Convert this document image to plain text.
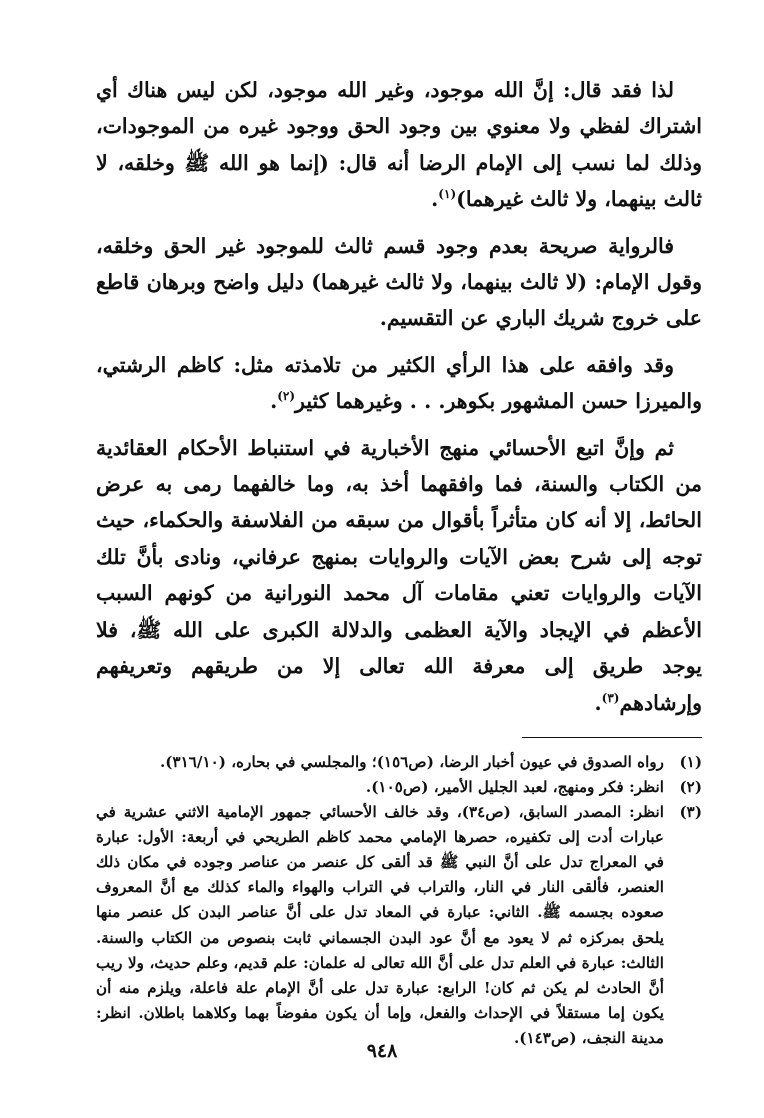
لذا فقد قال: إنَّ الله موجود، وغير الله موجود، لكن ليس هناك أي اشتراك لفظي ولا معنوي بين وجود الحق ووجود غيره من الموجودات، وذلك لما نسب إلى الإمام الرضا أنه قال: (إنما هو الله ﷺ وخلقه، لا ثالث بينهما، ولا ثالث غيرهما)$^{(١)}$.

فالرواية صريحة بعدم وجود قسم ثالث للموجود غير الحق وخلقه، وقول الإمام: (لا ثالث بينهما، ولا ثالث غيرهما) دليل واضح وبرهان قاطع على خروج شريك الباري عن التقسيم.

وقد وافقه على هذا الرأي الكثير من تلامذته مثل: كاظم الرشتي، والميرزا حسن المشهور بكوهر. . . وغيرهما كثير$^{(٢)}$.

ثم وإنَّ اتبع الأحسائي منهج الأخبارية في استنباط الأحكام العقائدية من الكتاب والسنة، فما وافقهما أخذ به، وما خالفهما رمى به عرض الحائط، إلا أنه كان متأثراً بأقوال من سبقه من الفلاسفة والحكماء، حيث توجه إلى شرح بعض الآيات والروايات بمنهج عرفاني، ونادى بأنَّ تلك الآيات والروايات تعني مقامات آل محمد النورانية من كونهم السبب الأعظم في الإيجاد والآية العظمى والدلالة الكبرى على الله ﷺ، فلا يوجد طريق إلى معرفة الله تعالى إلا من طريقهم وتعريفهم وإرشادهم$^{(٣)}$.

(١)
رواه الصدوق في عيون أخبار الرضا، (ص١٥٦)؛ والمجلسي في بحاره، (٣١٦/١٠).
(٢)
انظر: فكر ومنهج، لعبد الجليل الأمير، (ص١٠٥).
(٣)
انظر: المصدر السابق، (ص٣٤)، وقد خالف الأحسائي جمهور الإمامية الاثني عشرية في عبارات أدت إلى تكفيره، حصرها الإمامي محمد كاظم الطريحي في أربعة: الأول: عبارة في المعراج تدل على أنَّ النبي ﷺ قد ألقى كل عنصر من عناصر وجوده في مكان ذلك العنصر، فألقى النار في النار، والتراب في التراب والهواء والماء كذلك مع أنَّ المعروف صعوده بجسمه ﷺ. الثاني: عبارة في المعاد تدل على أنَّ عناصر البدن كل عنصر منها يلحق بمركزه ثم لا يعود مع أنَّ عود البدن الجسماني ثابت بنصوص من الكتاب والسنة. الثالث: عبارة في العلم تدل على أنَّ الله تعالى له علمان: علم قديم، وعلم حديث، ولا ريب أنَّ الحادث لم يكن ثم كان! الرابع: عبارة تدل على أنَّ الإمام علة فاعلة، ويلزم منه أن يكون إما مستقلاً في الإحداث والفعل، وإما أن يكون مفوضاً بهما وكلاهما باطلان. انظر: مدينة النجف، (ص١٤٣).
٩٤٨
